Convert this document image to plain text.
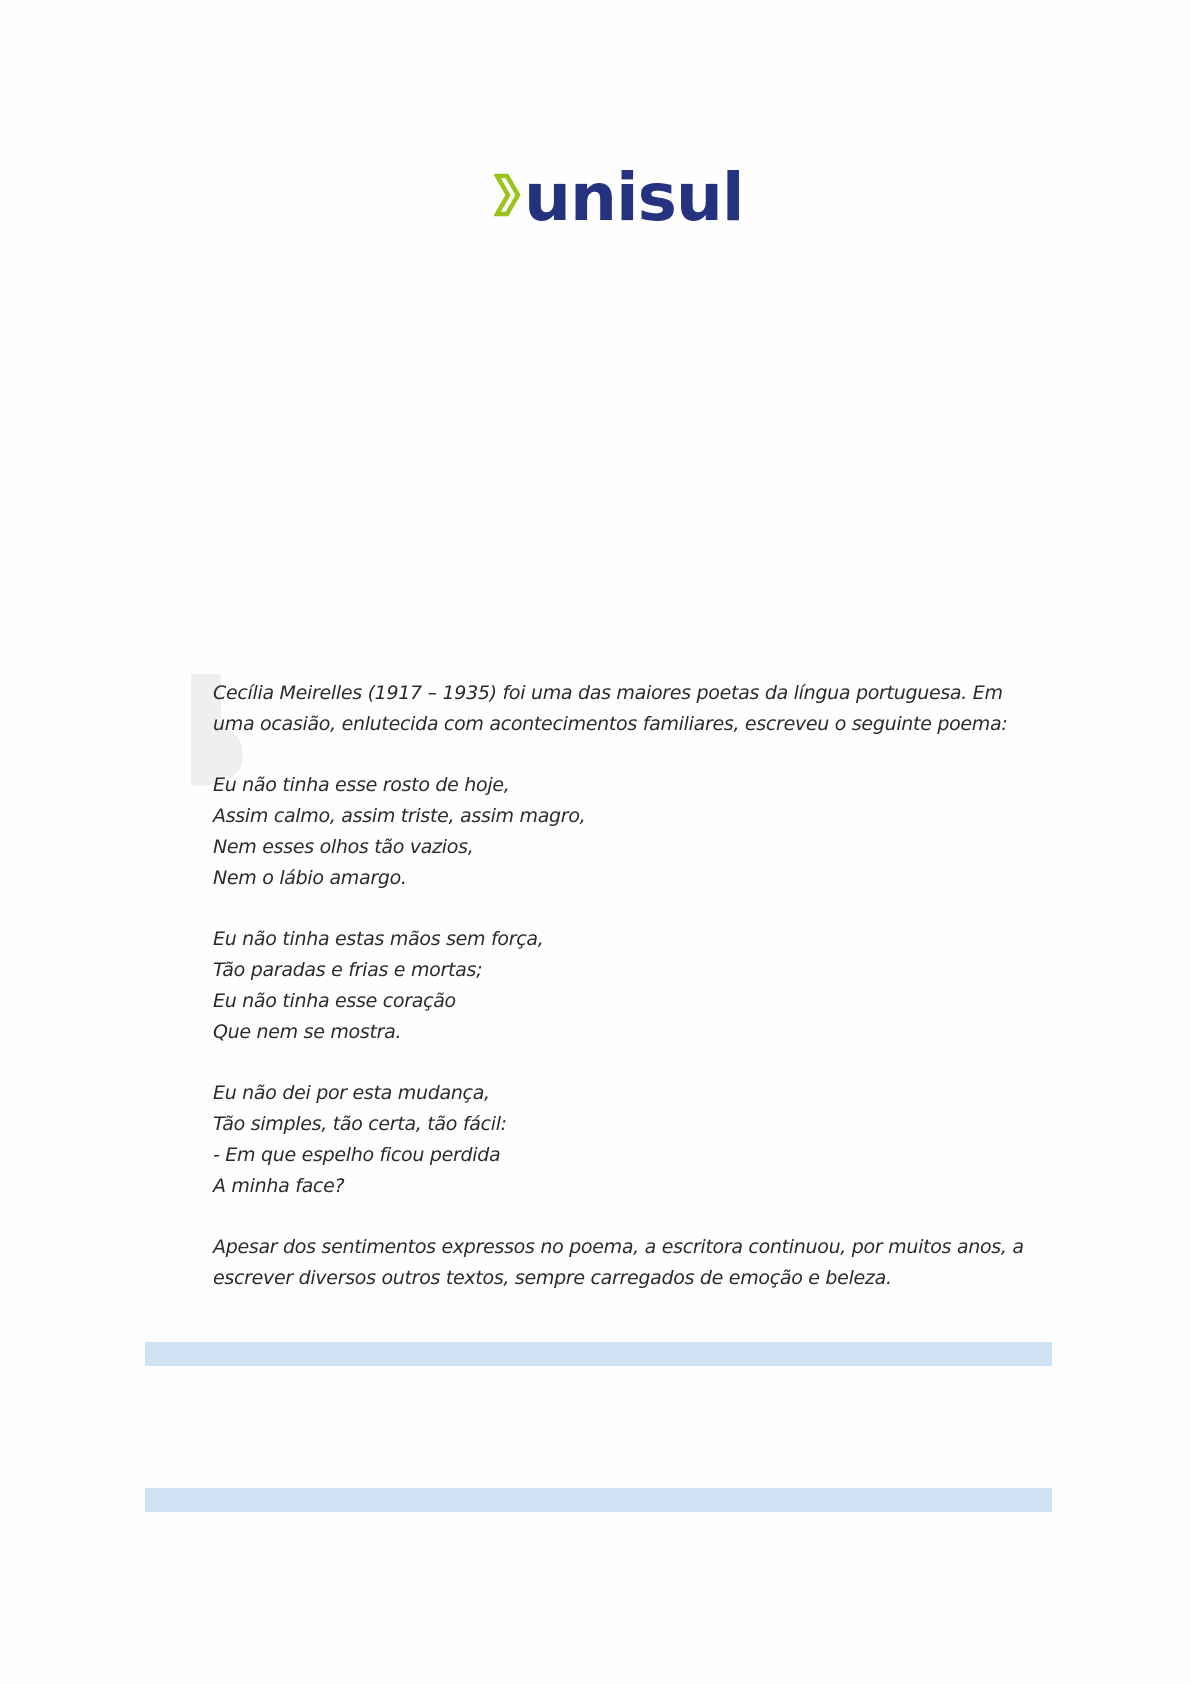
unisul

Cecília Meirelles (1917 – 1935) foi uma das maiores poetas da língua portuguesa. Em

uma ocasião, enlutecida com acontecimentos familiares, escreveu o seguinte poema:

Eu não tinha esse rosto de hoje,

Assim calmo, assim triste, assim magro,

Nem esses olhos tão vazios,

Nem o lábio amargo.

Eu não tinha estas mãos sem força,

Tão paradas e frias e mortas;

Eu não tinha esse coração

Que nem se mostra.

Eu não dei por esta mudança,

Tão simples, tão certa, tão fácil:

- Em que espelho ficou perdida

A minha face?

Apesar dos sentimentos expressos no poema, a escritora continuou, por muitos anos, a

escrever diversos outros textos, sempre carregados de emoção e beleza.
